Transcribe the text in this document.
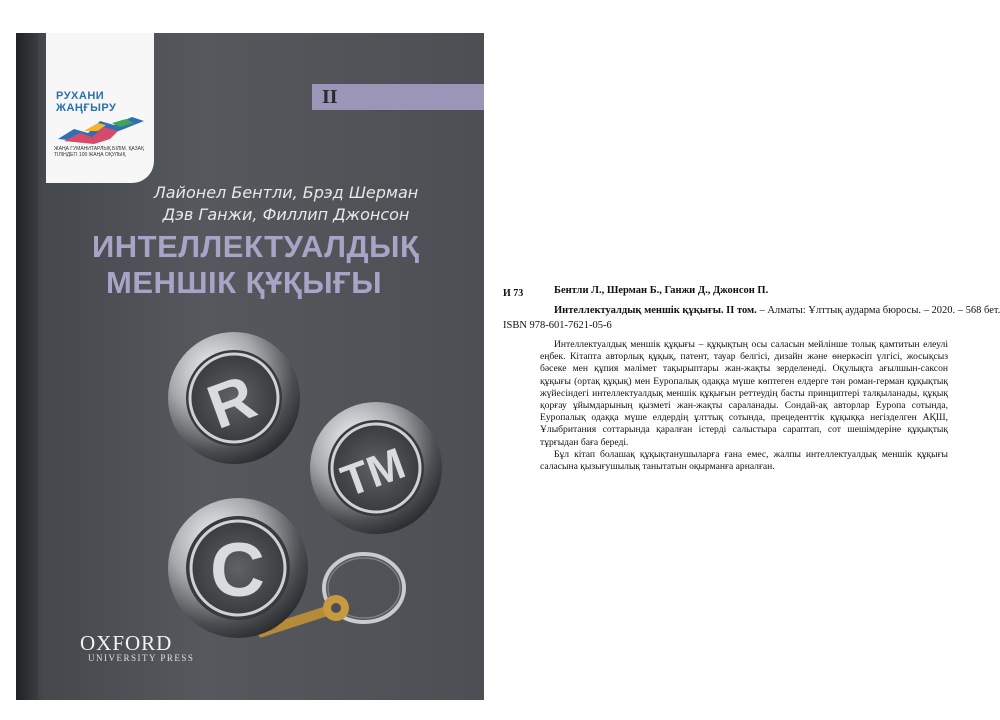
РУХАНИ ЖАҢҒЫРУ
ЖАҢА ГУМАНИТАРЛЫҚ БІЛІМ. ҚАЗАҚ ТІЛІНДЕГІ 100 ЖАҢА ОҚУЛЫҚ
II
Лайонел Бентли, Брэд Шерман
Дэв Ганжи, Филлип Джонсон
ИНТЕЛЛЕКТУАЛДЫҚ
МЕНШІК ҚҰҚЫҒЫ
R
TM
C
OXFORD
UNIVERSITY PRESS
И 73	Бентли Л., Шерман Б., Ганжи Д., Джонсон П.
Интеллектуалдық меншік құқығы. II том. – Алматы: Ұлттық аударма бюросы. – 2020. – 568 бет.
ISBN 978-601-7621-05-6

Интеллектуалдық меншік құқығы – құқықтың осы саласын мейлінше толық қамтитын елеулі еңбек. Кітапта авторлық құқық, патент, тауар белгісі, дизайн және өнеркәсіп үлгісі, жосықсыз бәсеке мен құпия мәлімет тақырыптары жан-жақты зерделенеді. Оқулықта ағылшын-саксон құқығы (ортақ құқық) мен Еуропалық одаққа мүше көптеген елдерге тән роман-герман құқықтық жүйесіндегі интеллектуалдық меншік құқығын реттеудің басты принциптері талқыланады, құқық қорғау ұйымдарының қызметі жан-жақты сараланады. Сондай-ақ авторлар Еуропа сотында, Еуропалық одаққа мүше елдердің ұлттық сотында, прецеденттік құқыққа негізделген АҚШ, Ұлыбритания соттарында қаралған істерді салыстыра сараптап, сот шешімдеріне құқықтық тұрғыдан баға береді.

Бұл кітап болашақ құқықтанушыларға ғана емес, жалпы интеллектуалдық меншік құқығы саласына қызығушылық танытатын оқырманға арналған.
